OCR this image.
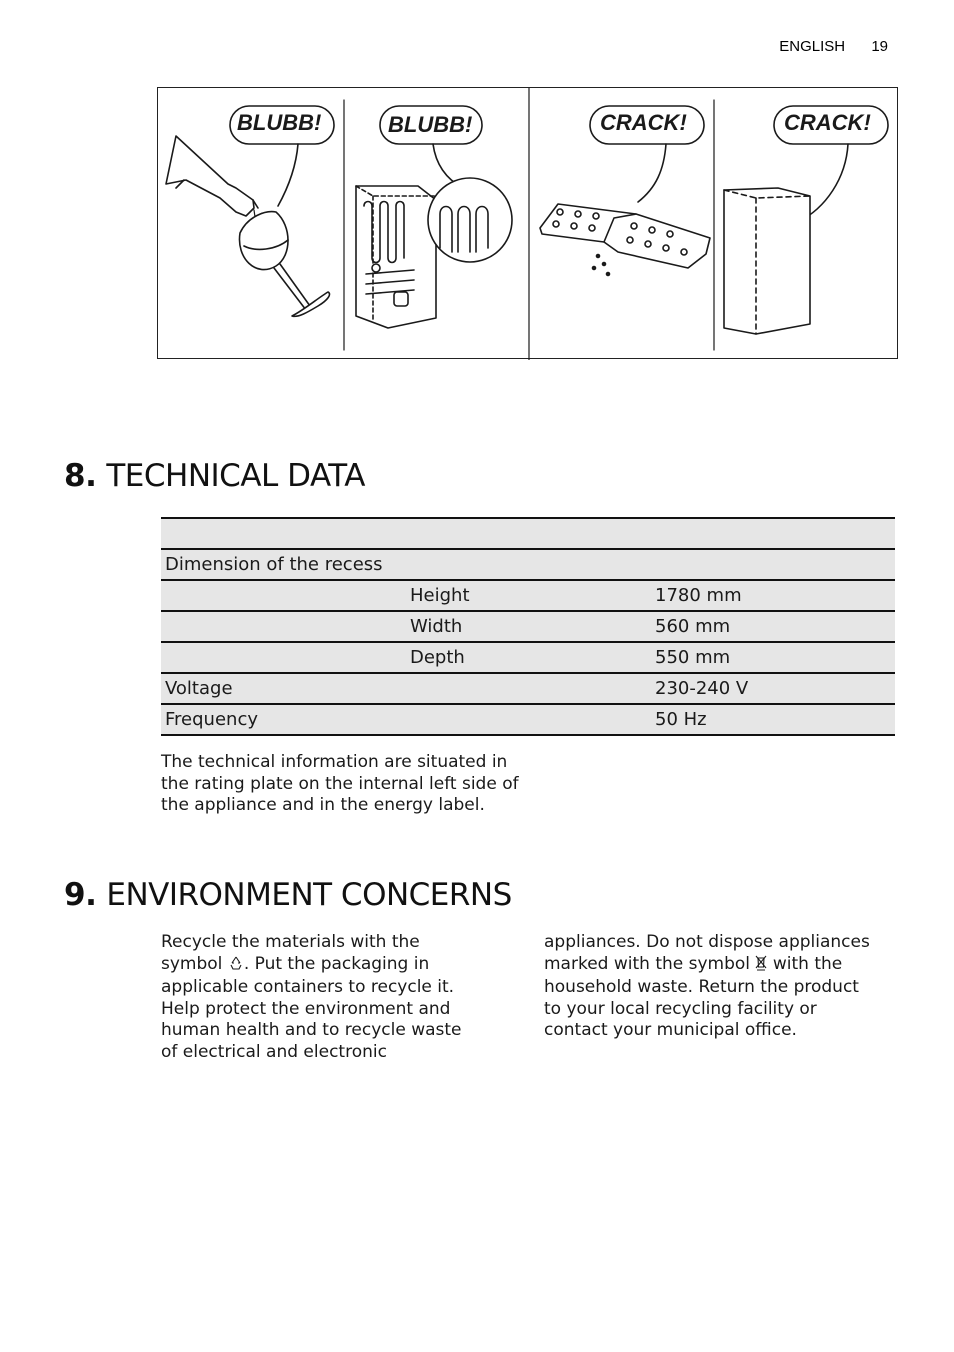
ENGLISH 19
BLUBB!	BLUBB!	CRACK!	CRACK!
8. TECHNICAL DATA

Dimension of the recess		
	Height	1780 mm
	Width	560 mm
	Depth	550 mm
Voltage		230-240 V
Frequency		50 Hz

The technical information are situated in the rating plate on the internal left side of the appliance and in the energy label.

9. ENVIRONMENT CONCERNS

Recycle the materials with the symbol . Put the packaging in applicable containers to recycle it. Help protect the environment and human health and to recycle waste of electrical and electronic

appliances. Do not dispose appliances marked with the symbol with the household waste. Return the product to your local recycling facility or contact your municipal office.
